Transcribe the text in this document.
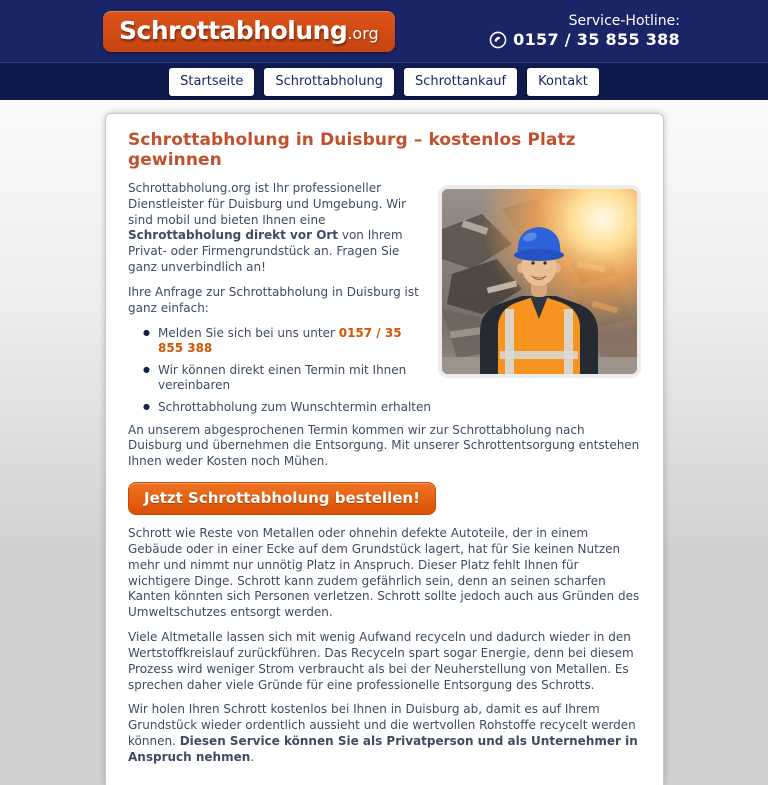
Schrottabholung.org
Service-Hotline:
0157 / 35 855 388
Startseite	Schrottabholung	Schrottankauf	Kontakt
Schrottabholung in Duisburg – kostenlos Platz gewinnen

Schrottabholung.org ist Ihr professioneller Dienstleister für Duisburg und Umgebung. Wir sind mobil und bieten Ihnen eine Schrottabholung direkt vor Ort von Ihrem Privat- oder Firmengrundstück an. Fragen Sie ganz unverbindlich an!

Ihre Anfrage zur Schrottabholung in Duisburg ist ganz einfach:

● Melden Sie sich bei uns unter 0157 / 35 855 388
● Wir können direkt einen Termin mit Ihnen vereinbaren
● Schrottabholung zum Wunschtermin erhalten

An unserem abgesprochenen Termin kommen wir zur Schrottabholung nach Duisburg und übernehmen die Entsorgung. Mit unserer Schrottentsorgung entstehen Ihnen weder Kosten noch Mühen.

Jetzt Schrottabholung bestellen!

Schrott wie Reste von Metallen oder ohnehin defekte Autoteile, der in einem Gebäude oder in einer Ecke auf dem Grundstück lagert, hat für Sie keinen Nutzen mehr und nimmt nur unnötig Platz in Anspruch. Dieser Platz fehlt Ihnen für wichtigere Dinge. Schrott kann zudem gefährlich sein, denn an seinen scharfen Kanten könnten sich Personen verletzen. Schrott sollte jedoch auch aus Gründen des Umweltschutzes entsorgt werden.

Viele Altmetalle lassen sich mit wenig Aufwand recyceln und dadurch wieder in den Wertstoffkreislauf zurückführen. Das Recyceln spart sogar Energie, denn bei diesem Prozess wird weniger Strom verbraucht als bei der Neuherstellung von Metallen. Es sprechen daher viele Gründe für eine professionelle Entsorgung des Schrotts.

Wir holen Ihren Schrott kostenlos bei Ihnen in Duisburg ab, damit es auf Ihrem Grundstück wieder ordentlich aussieht und die wertvollen Rohstoffe recycelt werden können. Diesen Service können Sie als Privatperson und als Unternehmer in Anspruch nehmen.
